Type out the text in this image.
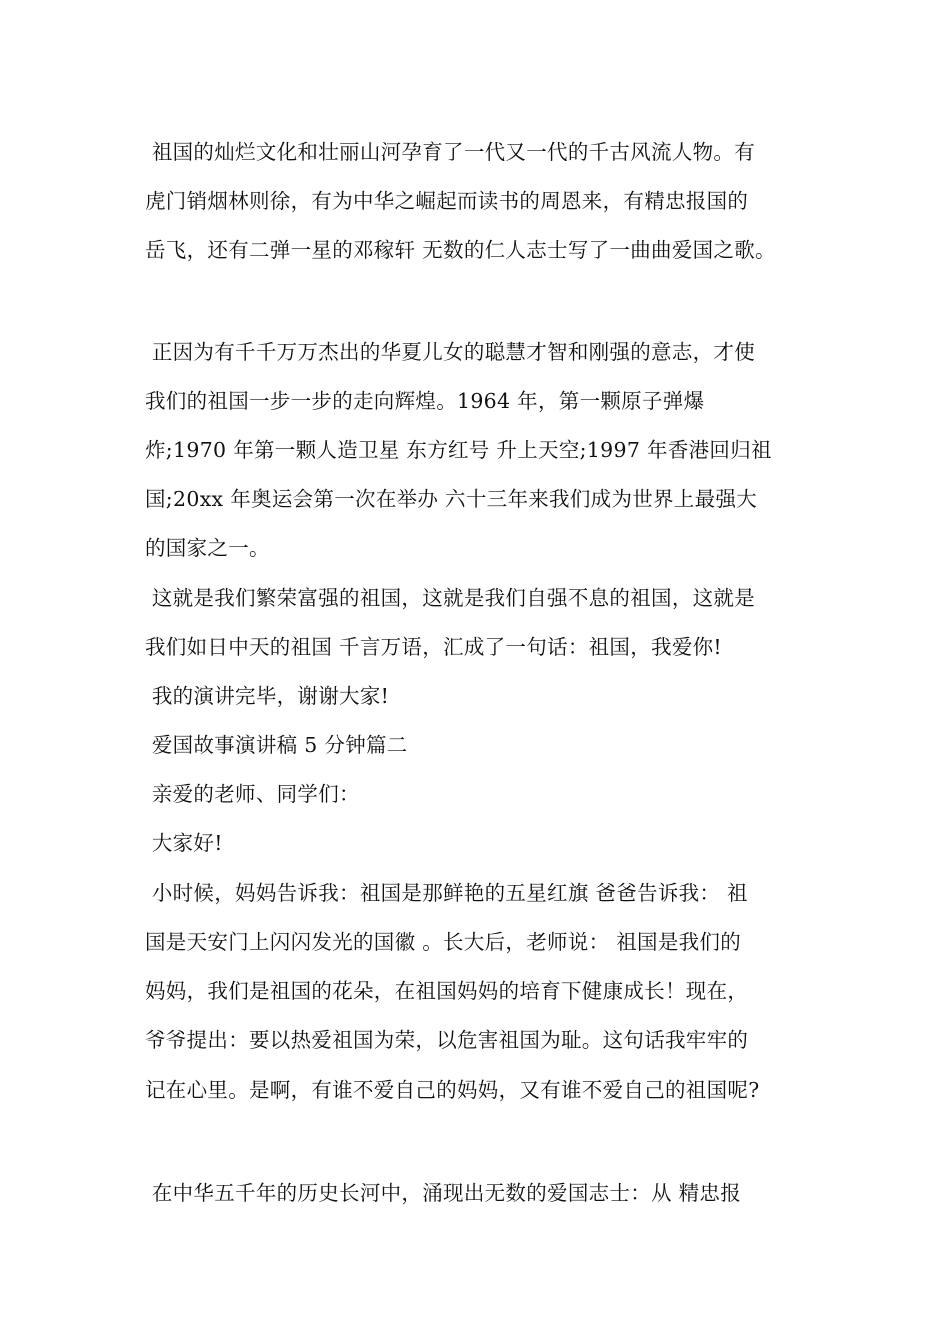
祖国的灿烂文化和壮丽山河孕育了一代又一代的千古风流人物。有
虎门销烟林则徐，有为中华之崛起而读书的周恩来，有精忠报国的
岳飞，还有二弹一星的邓稼轩 无数的仁人志士写了一曲曲爱国之歌。
正因为有千千万万杰出的华夏儿女的聪慧才智和刚强的意志，才使
我们的祖国一步一步的走向辉煌。1964 年，第一颗原子弹爆
炸;1970 年第一颗人造卫星 东方红号 升上天空;1997 年香港回归祖
国;20xx 年奥运会第一次在举办 六十三年来我们成为世界上最强大
的国家之一。
这就是我们繁荣富强的祖国，这就是我们自强不息的祖国，这就是
我们如日中天的祖国 千言万语，汇成了一句话：祖国，我爱你!
我的演讲完毕，谢谢大家!
爱国故事演讲稿 5 分钟篇二
亲爱的老师、同学们：
大家好!
小时候，妈妈告诉我：祖国是那鲜艳的五星红旗 爸爸告诉我： 祖
国是天安门上闪闪发光的国徽 。长大后，老师说： 祖国是我们的
妈妈，我们是祖国的花朵，在祖国妈妈的培育下健康成长！现在，
爷爷提出：要以热爱祖国为荣，以危害祖国为耻。这句话我牢牢的
记在心里。是啊，有谁不爱自己的妈妈，又有谁不爱自己的祖国呢?
在中华五千年的历史长河中，涌现出无数的爱国志士：从 精忠报
